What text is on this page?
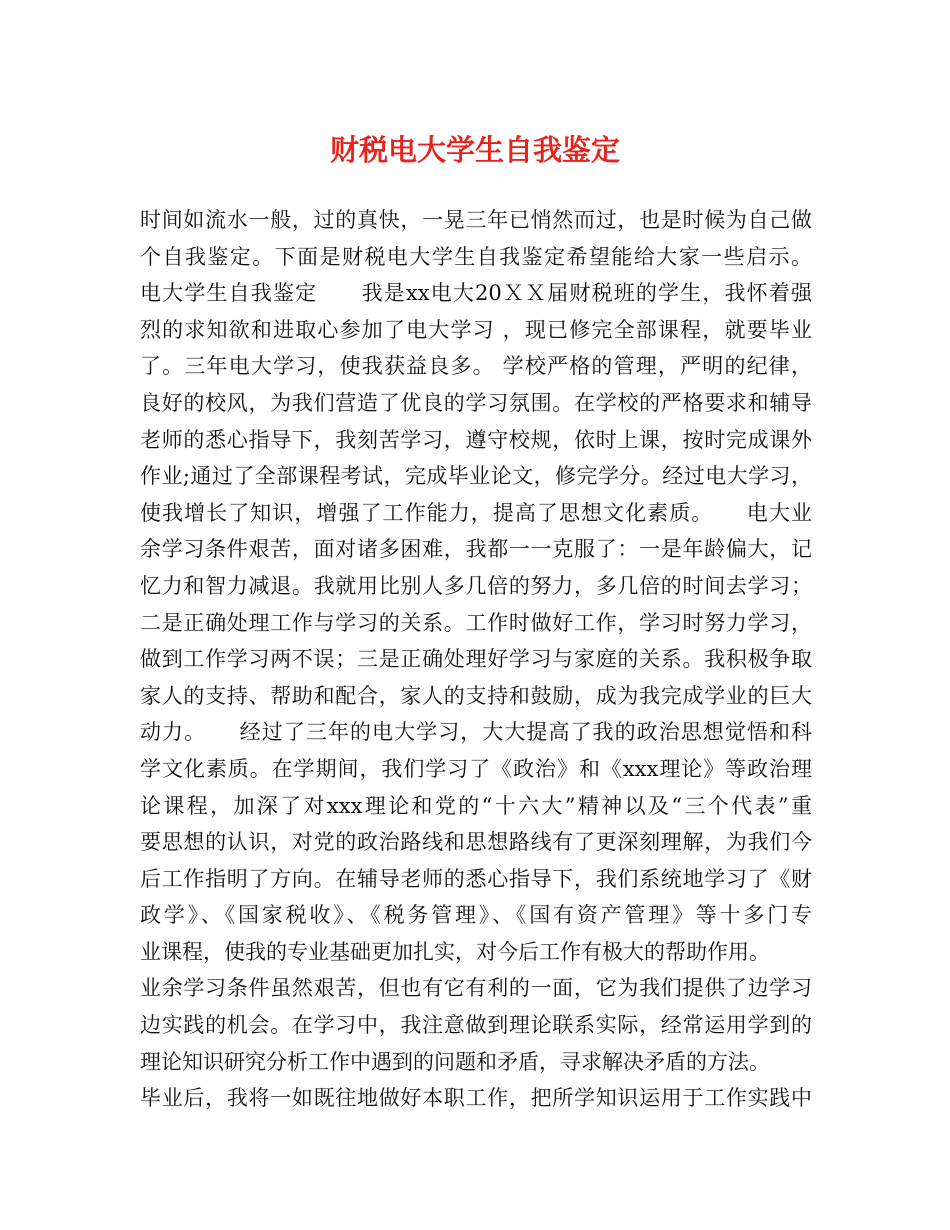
财税电大学生自我鉴定
时间如流水一般，过的真快，一晃三年已悄然而过，也是时候为自己做
个自我鉴定。下面是财税电大学生自我鉴定希望能给大家一些启示。
电大学生自我鉴定　　我是xx电大20ＸＸ届财税班的学生，我怀着强
烈的求知欲和进取心参加了电大学习 ，现已修完全部课程，就要毕业
了。三年电大学习，使我获益良多。 学校严格的管理，严明的纪律，
良好的校风，为我们营造了优良的学习氛围。在学校的严格要求和辅导
老师的悉心指导下，我刻苦学习，遵守校规，依时上课，按时完成课外
作业;通过了全部课程考试，完成毕业论文，修完学分。经过电大学习，
使我增长了知识，增强了工作能力，提高了思想文化素质。　　电大业
余学习条件艰苦，面对诸多困难，我都一一克服了：一是年龄偏大，记
忆力和智力减退。我就用比别人多几倍的努力，多几倍的时间去学习；
二是正确处理工作与学习的关系。工作时做好工作，学习时努力学习，
做到工作学习两不误；三是正确处理好学习与家庭的关系。我积极争取
家人的支持、帮助和配合，家人的支持和鼓励，成为我完成学业的巨大
动力。　　经过了三年的电大学习，大大提高了我的政治思想觉悟和科
学文化素质。在学期间，我们学习了《政治》和《xxx理论》等政治理
论课程，加深了对xxx理论和党的“十六大”精神以及“三个代表”重
要思想的认识，对党的政治路线和思想路线有了更深刻理解，为我们今
后工作指明了方向。在辅导老师的悉心指导下，我们系统地学习了《财
政学》、《国家税收》、《税务管理》、《国有资产管理》等十多门专
业课程，使我的专业基础更加扎实，对今后工作有极大的帮助作用。
业余学习条件虽然艰苦，但也有它有利的一面，它为我们提供了边学习
边实践的机会。在学习中，我注意做到理论联系实际，经常运用学到的
理论知识研究分析工作中遇到的问题和矛盾，寻求解决矛盾的方法。
毕业后，我将一如既往地做好本职工作，把所学知识运用于工作实践中
